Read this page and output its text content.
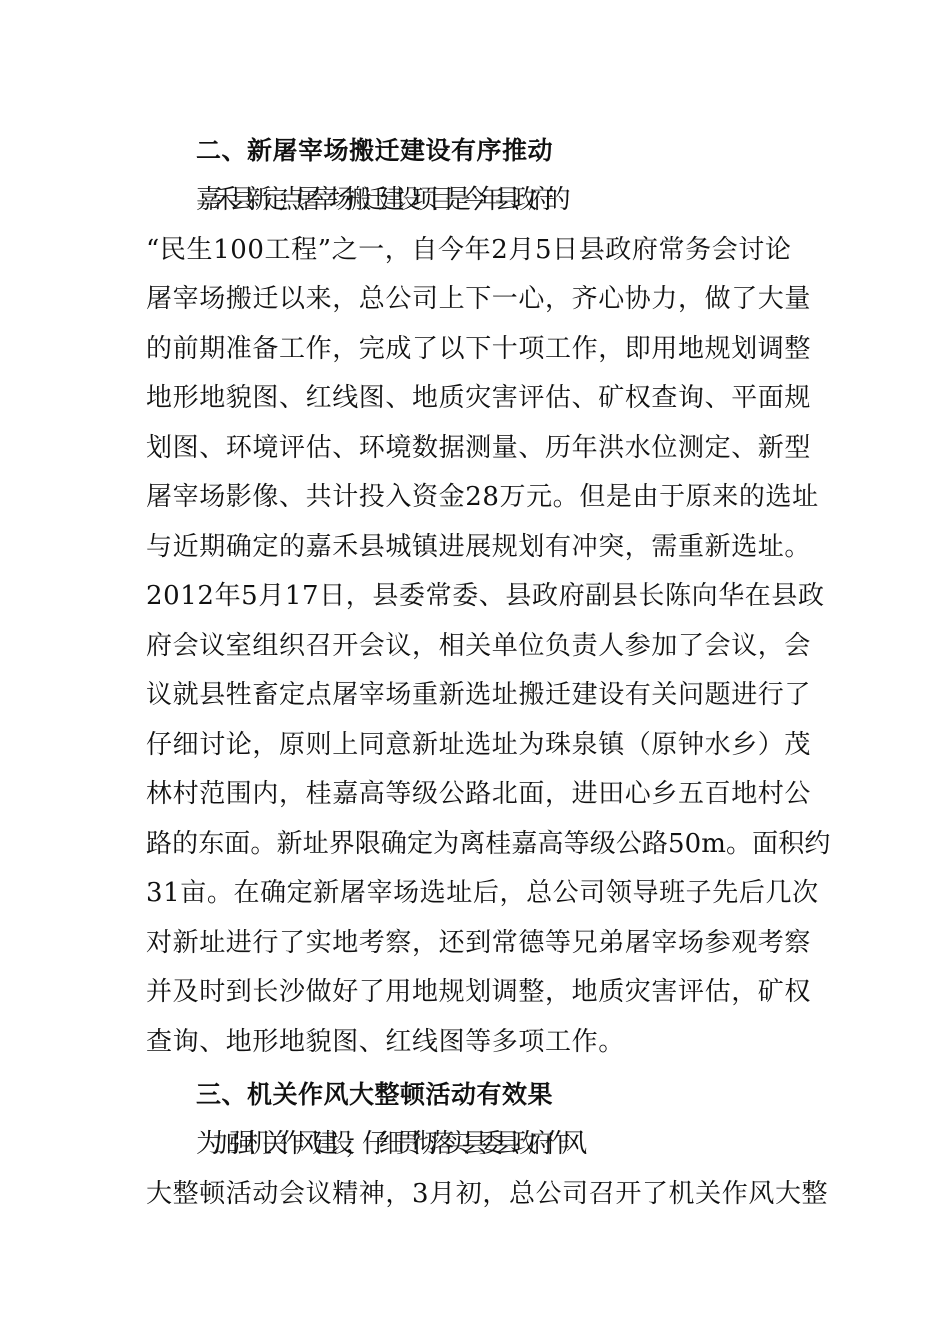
二、新屠宰场搬迁建设有序推动
嘉禾县新定点屠宰场搬迁建设项目是今年县政府的
“民生100工程”之一，自今年2月5日县政府常务会讨论
屠宰场搬迁以来，总公司上下一心，齐心协力，做了大量
的前期准备工作，完成了以下十项工作，即用地规划调整
地形地貌图、红线图、地质灾害评估、矿权查询、平面规
划图、环境评估、环境数据测量、历年洪水位测定、新型
屠宰场影像、共计投入资金28万元。但是由于原来的选址
与近期确定的嘉禾县城镇进展规划有冲突，需重新选址。
2012年5月17日，县委常委、县政府副县长陈向华在县政
府会议室组织召开会议，相关单位负责人参加了会议，会
议就县牲畜定点屠宰场重新选址搬迁建设有关问题进行了
仔细讨论，原则上同意新址选址为珠泉镇（原钟水乡）茂
林村范围内，桂嘉高等级公路北面，进田心乡五百地村公
路的东面。新址界限确定为离桂嘉高等级公路50m。面积约
31亩。在确定新屠宰场选址后，总公司领导班子先后几次
对新址进行了实地考察，还到常德等兄弟屠宰场参观考察
并及时到长沙做好了用地规划调整，地质灾害评估，矿权
查询、地形地貌图、红线图等多项工作。
三、机关作风大整顿活动有效果
为加强机关作风建设，仔细贯彻落实县委县政府作风
大整顿活动会议精神，3月初，总公司召开了机关作风大整
